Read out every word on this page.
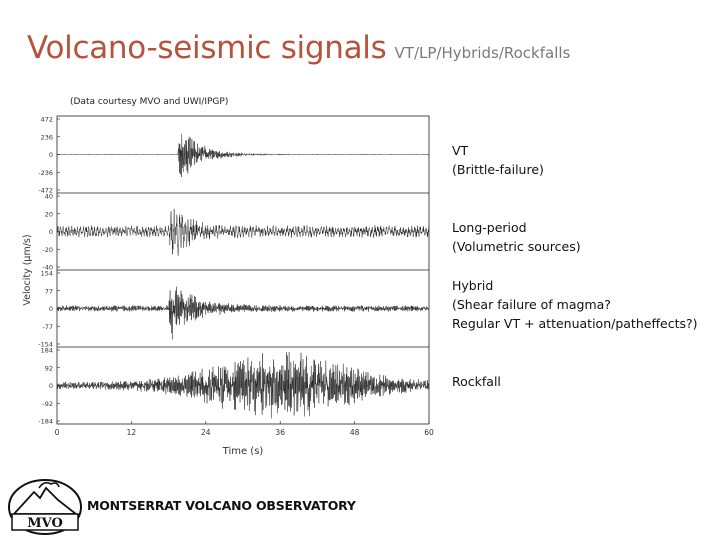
Volcano-seismic signals VT/LP/Hybrids/Rockfalls
(Data courtesy MVO and UWI/IPGP)
472
236
0
-236
-472
40
20
0
-20
-40
154
77
0
-77
-154
184
92
0
-92
-184
0	12	24	36	48	60
Time (s)
Velocity (µm/s)
VT
(Brittle-failure)
Long-period
(Volumetric sources)
Hybrid
(Shear failure of magma?
Regular VT + attenuation/patheffects?)
Rockfall
MVO
MONTSERRAT VOLCANO OBSERVATORY
